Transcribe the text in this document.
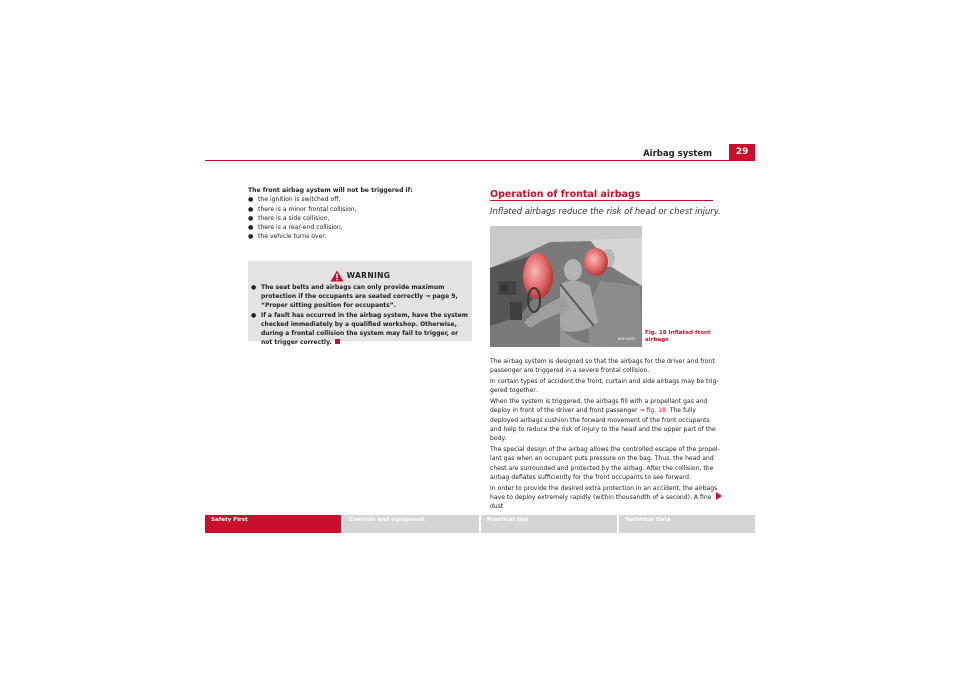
Airbag system	29
The front airbag system will not be triggered if:
● the ignition is switched off,
● there is a minor frontal collision,
● there is a side collision,
● there is a rear-end collision,
● the vehicle turns over.
WARNING
● The seat belts and airbags can only provide maximum protection if the occupants are seated correctly ⇒ page 9, “Proper sitting position for occupants”.
● If a fault has occurred in the airbag system, have the system checked immediately by a qualified workshop. Otherwise, during a frontal collision the system may fail to trigger, or not trigger correctly.
Operation of frontal airbags
Inflated airbags reduce the risk of head or chest injury.
B5P-0655
Fig. 18 Inflated front airbags

The airbag system is designed so that the airbags for the driver and front passenger are triggered in a severe frontal collision.

In certain types of accident the front, curtain and side airbags may be triggered together.

When the system is triggered, the airbags fill with a propellant gas and deploy in front of the driver and front passenger ⇒ fig. 18. The fully deployed airbags cushion the forward movement of the front occupants and help to reduce the risk of injury to the head and the upper part of the body.

The special design of the airbag allows the controlled escape of the propellant gas when an occupant puts pressure on the bag. Thus, the head and chest are surrounded and protected by the airbag. After the collision, the airbag deflates sufficiently for the front occupants to see forward.

In order to provide the desired extra protection in an accident, the airbags have to deploy extremely rapidly (within thousandth of a second). A fine dust

Safety First	Controls and equipment	Practical tips	Technical Data
